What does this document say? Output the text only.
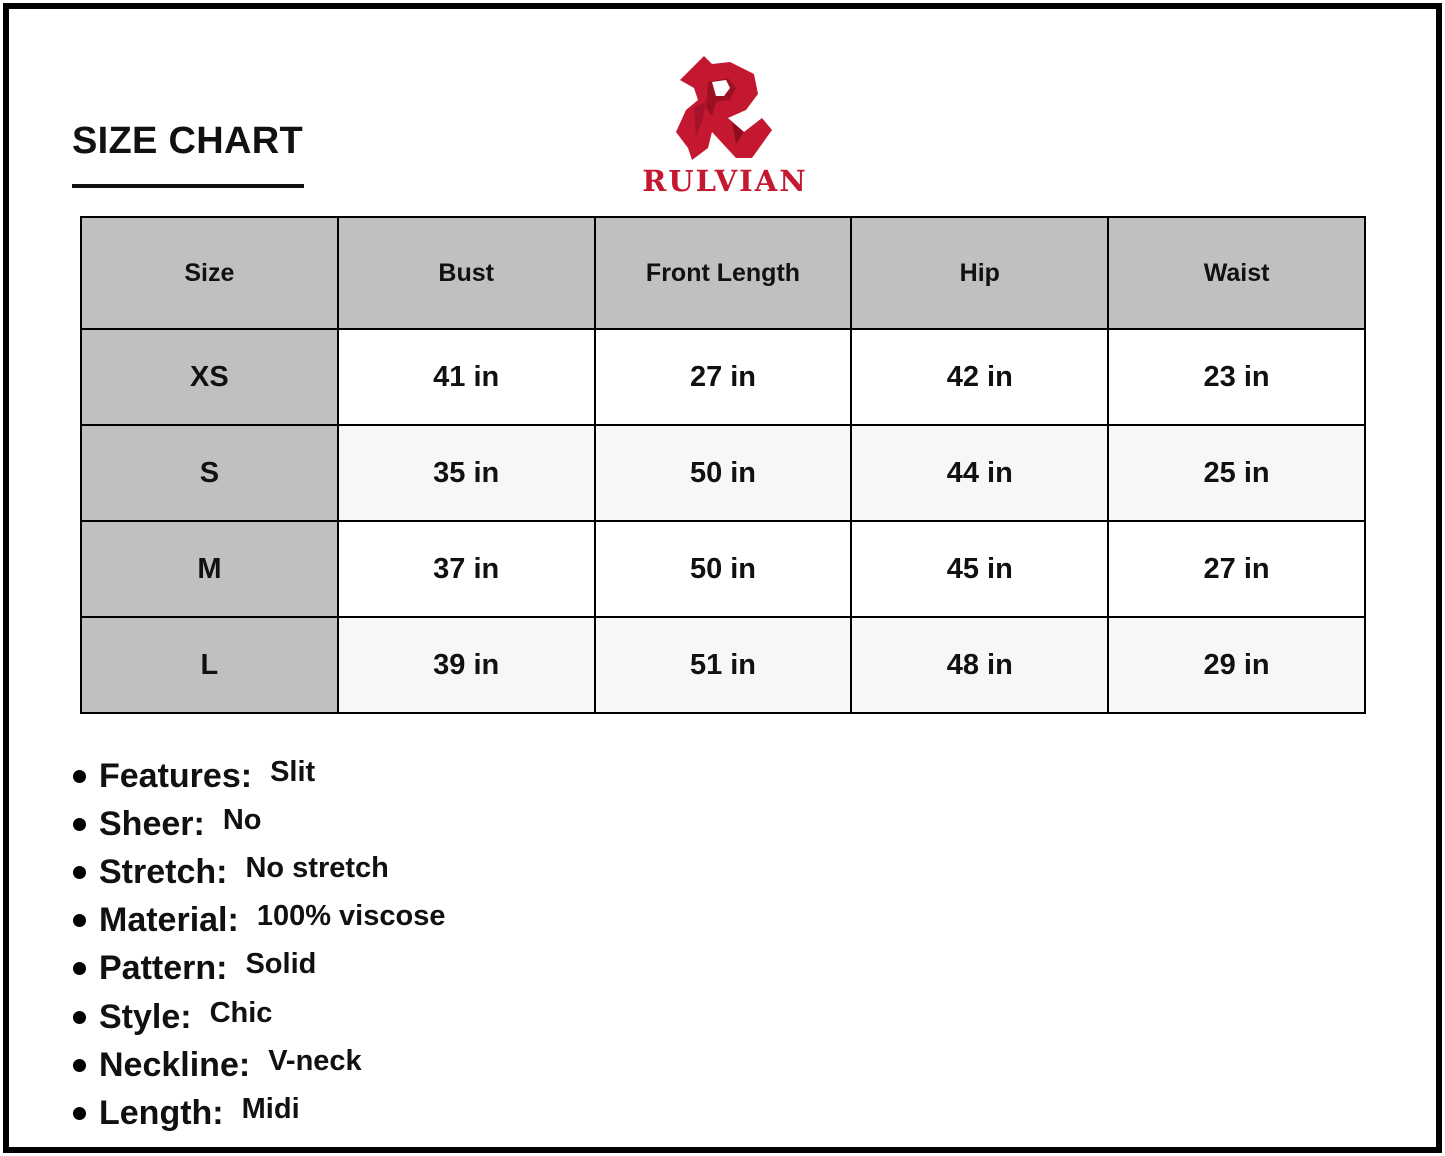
SIZE CHART
RULVIAN
Size	Bust	Front Length	Hip	Waist
XS	41 in	27 in	42 in	23 in
S	35 in	50 in	44 in	25 in
M	37 in	50 in	45 in	27 in
L	39 in	51 in	48 in	29 in
Features: Slit
Sheer: No
Stretch: No stretch
Material: 100% viscose
Pattern: Solid
Style: Chic
Neckline: V-neck
Length: Midi
